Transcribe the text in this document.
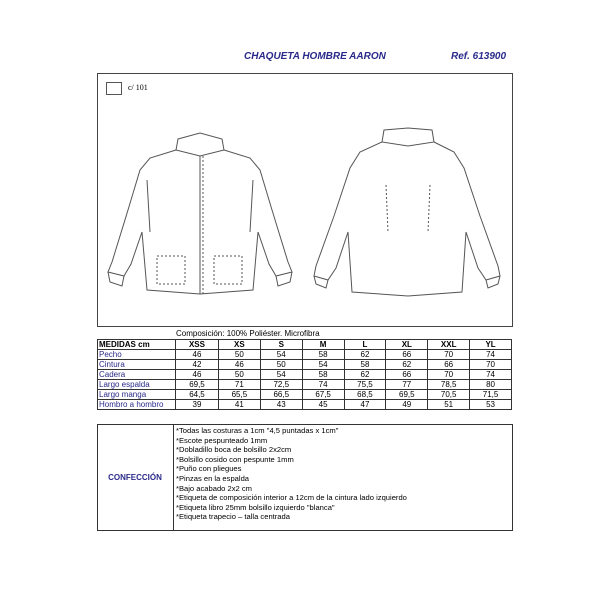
CHAQUETA HOMBRE AARON	Ref. 613900
c/ 101
Composición: 100% Poliéster. Microfibra
MEDIDAS cm	XSS	XS	S	M	L	XL	XXL	YL
Pecho	46	50	54	58	62	66	70	74
Cintura	42	46	50	54	58	62	66	70
Cadera	46	50	54	58	62	66	70	74
Largo espalda	69,5	71	72,5	74	75,5	77	78,5	80
Largo manga	64,5	65,5	66,5	67,5	68,5	69,5	70,5	71,5
Hombro a hombro	39	41	43	45	47	49	51	53
CONFECCIÓN
*Todas las costuras a 1cm "4,5 puntadas x 1cm"
*Escote pespunteado 1mm
*Dobladillo boca de bolsillo 2x2cm
*Bolsillo cosido con pespunte 1mm
*Puño con pliegues
*Pinzas en la espalda
*Bajo acabado 2x2 cm
*Etiqueta de composición interior a 12cm de la cintura lado izquierdo
*Etiqueta libro 25mm bolsillo izquierdo "blanca"
*Etiqueta trapecio – talla centrada
